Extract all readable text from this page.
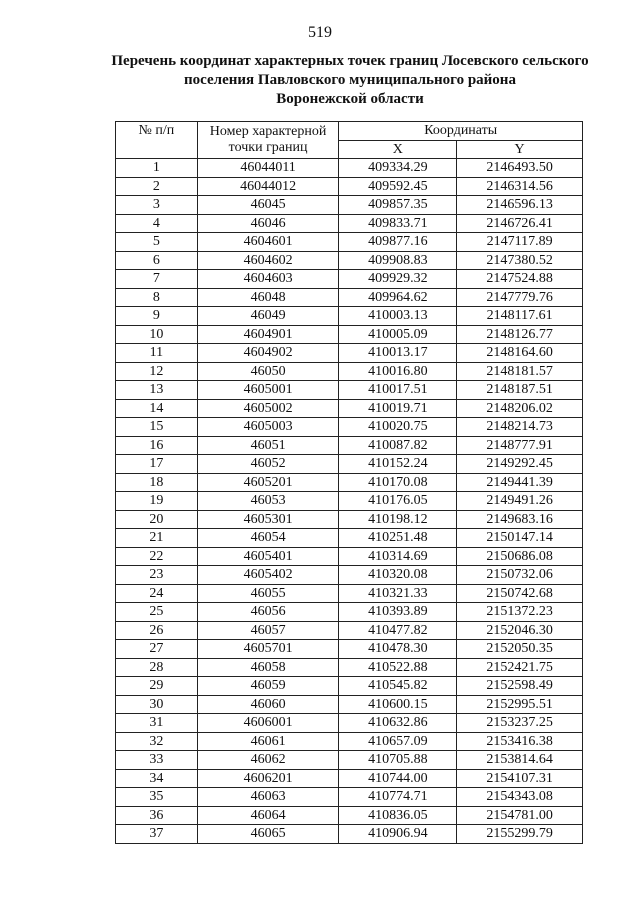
519
Перечень координат характерных точек границ Лосевского сельского
поселения Павловского муниципального района
Воронежской области
№ п/п	Номер характерной точки границ	Координаты	
		X	Y
1	46044011	409334.29	2146493.50
2	46044012	409592.45	2146314.56
3	46045	409857.35	2146596.13
4	46046	409833.71	2146726.41
5	4604601	409877.16	2147117.89
6	4604602	409908.83	2147380.52
7	4604603	409929.32	2147524.88
8	46048	409964.62	2147779.76
9	46049	410003.13	2148117.61
10	4604901	410005.09	2148126.77
11	4604902	410013.17	2148164.60
12	46050	410016.80	2148181.57
13	4605001	410017.51	2148187.51
14	4605002	410019.71	2148206.02
15	4605003	410020.75	2148214.73
16	46051	410087.82	2148777.91
17	46052	410152.24	2149292.45
18	4605201	410170.08	2149441.39
19	46053	410176.05	2149491.26
20	4605301	410198.12	2149683.16
21	46054	410251.48	2150147.14
22	4605401	410314.69	2150686.08
23	4605402	410320.08	2150732.06
24	46055	410321.33	2150742.68
25	46056	410393.89	2151372.23
26	46057	410477.82	2152046.30
27	4605701	410478.30	2152050.35
28	46058	410522.88	2152421.75
29	46059	410545.82	2152598.49
30	46060	410600.15	2152995.51
31	4606001	410632.86	2153237.25
32	46061	410657.09	2153416.38
33	46062	410705.88	2153814.64
34	4606201	410744.00	2154107.31
35	46063	410774.71	2154343.08
36	46064	410836.05	2154781.00
37	46065	410906.94	2155299.79
